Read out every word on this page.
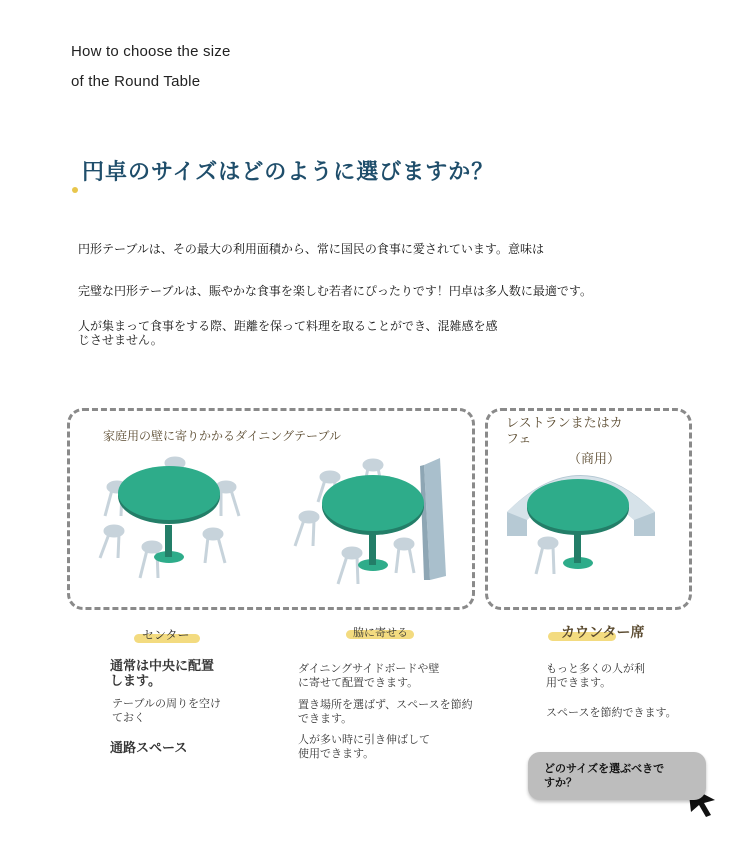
How to choose the size
of the Round Table
円卓のサイズはどのように選びますか？
円形テーブルは、その最大の利用面積から、常に国民の食事に愛されています。意味は
完璧な円形テーブルは、賑やかな食事を楽しむ若者にぴったりです！円卓は多人数に最適です。
人が集まって食事をする際、距離を保って料理を取ることができ、混雑感を感
じさせません。
家庭用の壁に寄りかかるダイニングテーブル
レストランまたはカ
フェ
（商用）
センター	脇に寄せる	カウンター席
通常は中央に配置
します。
テーブルの周りを空け
ておく
通路スペース
ダイニングサイドボードや壁
に寄せて配置できます。
置き場所を選ばず、スペースを節約
できます。
人が多い時に引き伸ばして
使用できます。
もっと多くの人が利
用できます。
スペースを節約できます。
どのサイズを選ぶべきで
すか？
